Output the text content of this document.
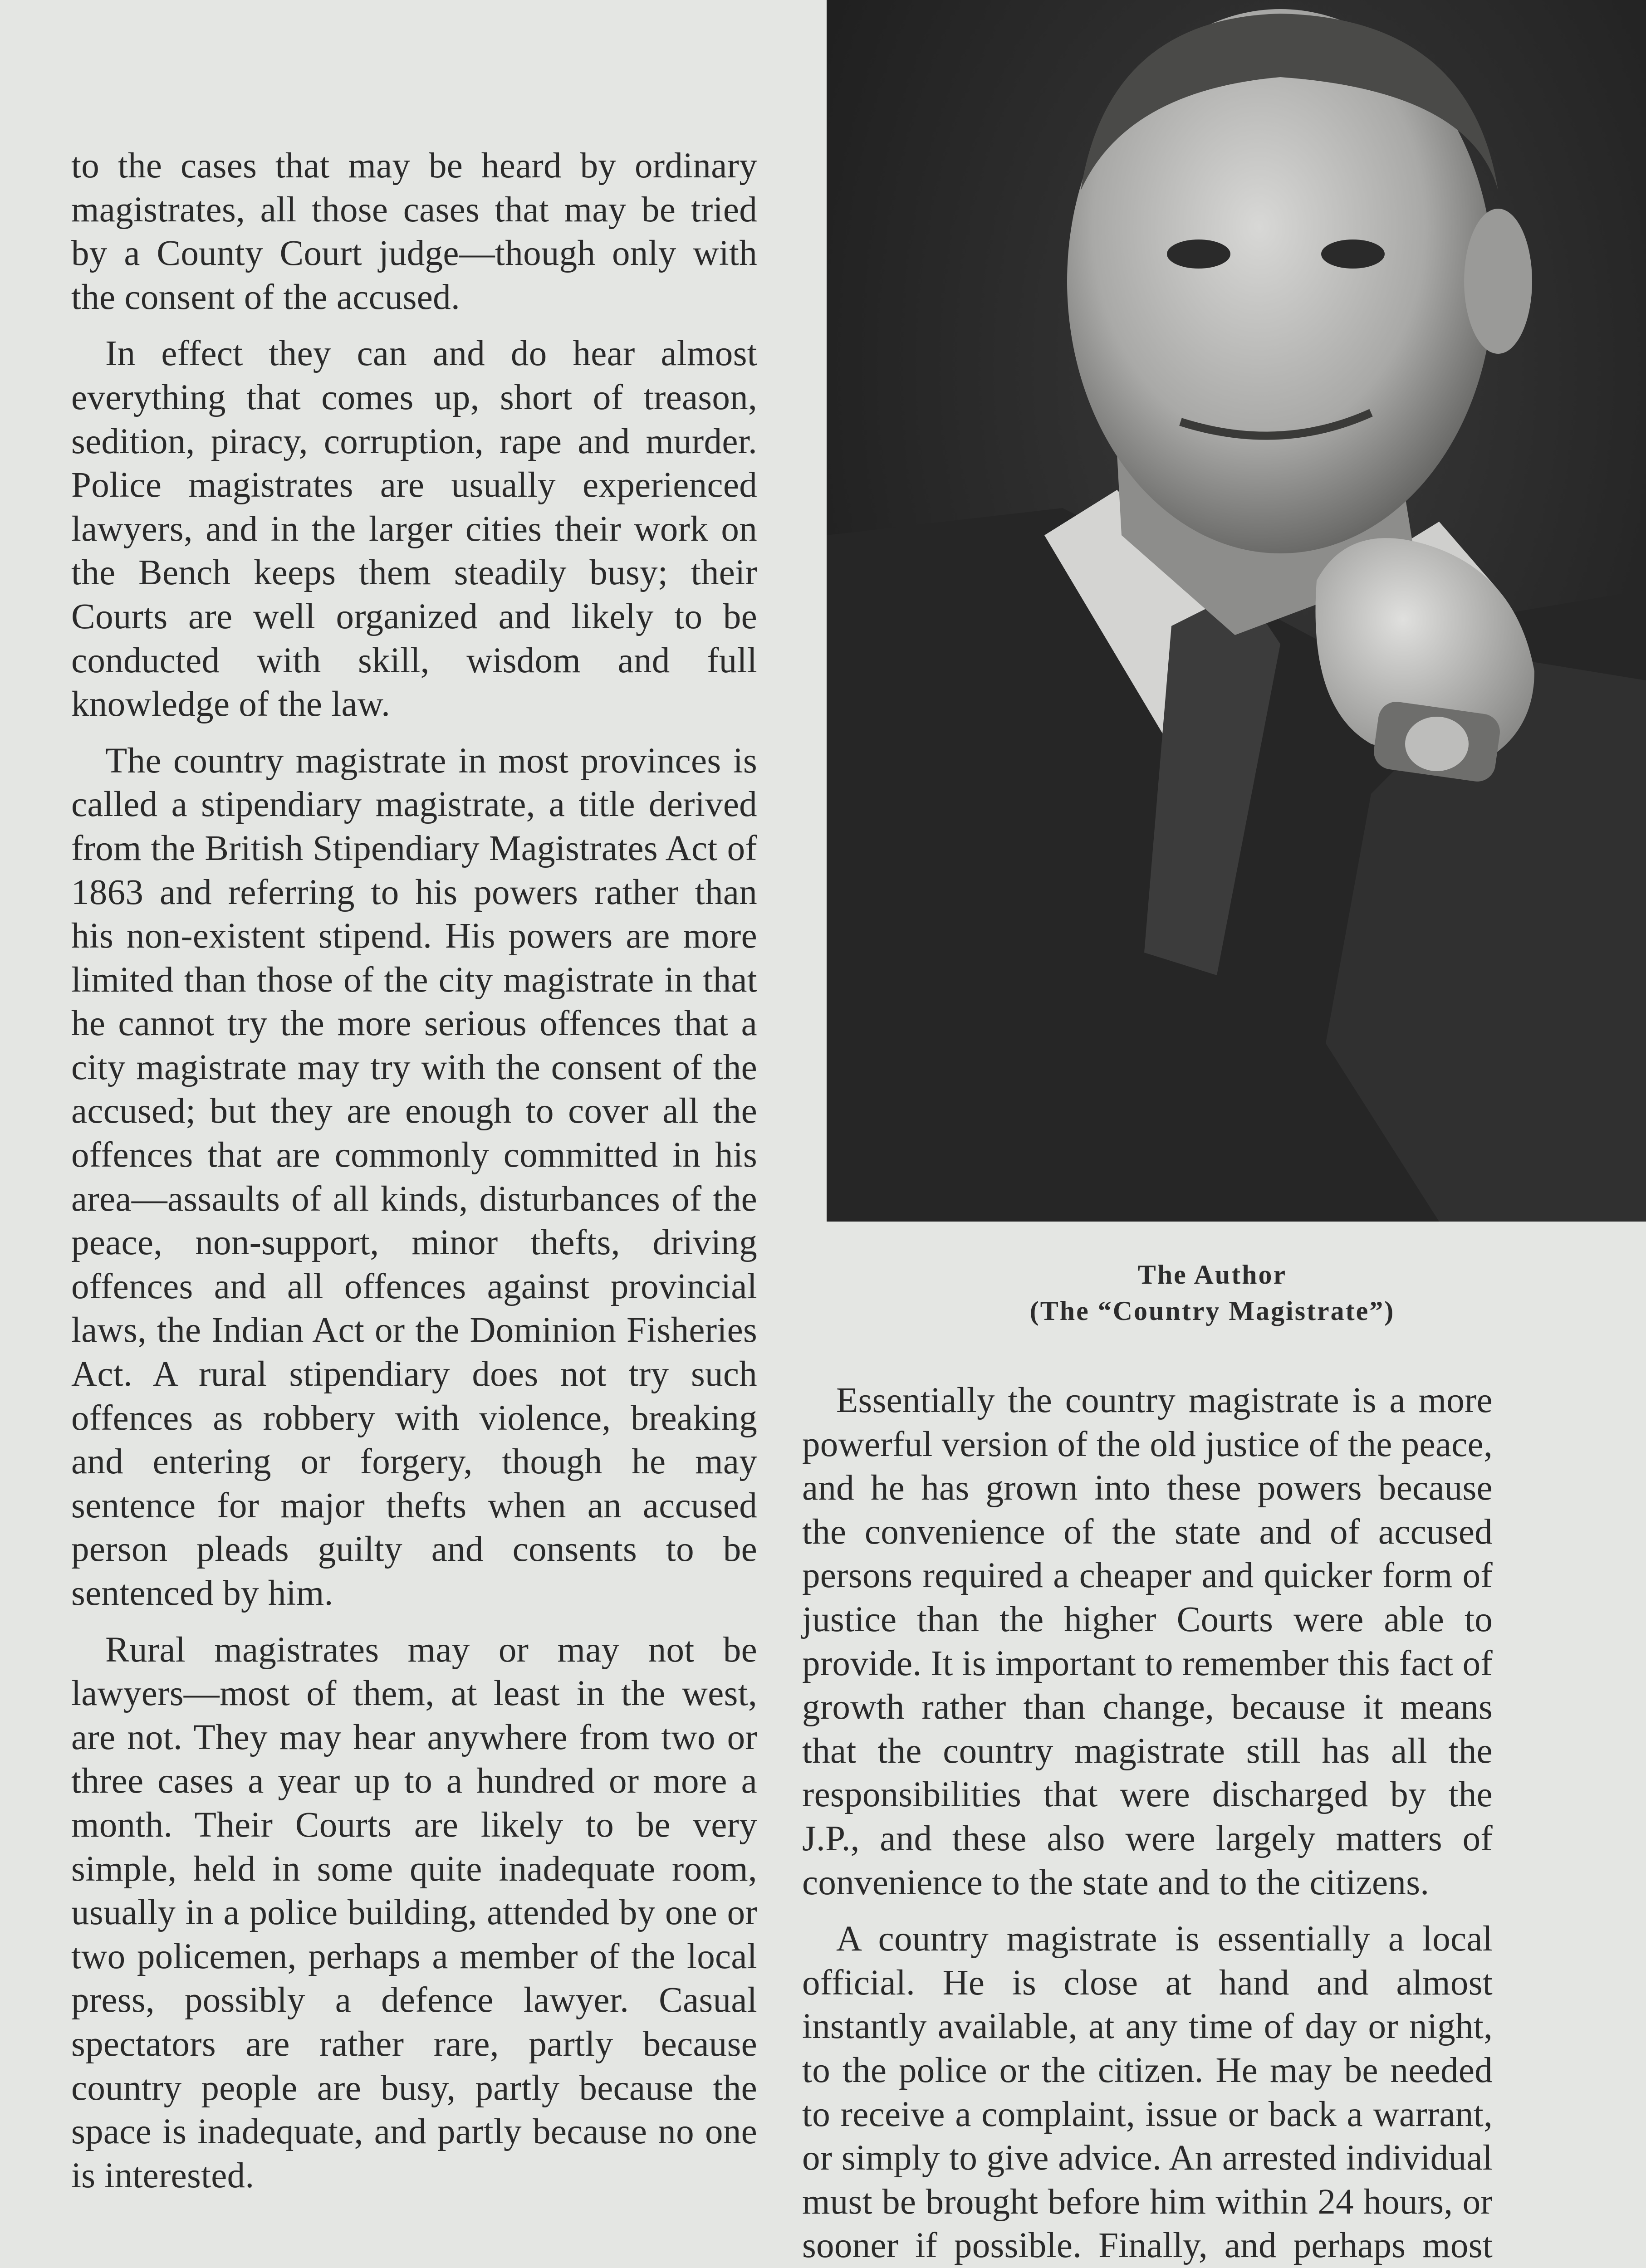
to the cases that may be heard by ordinary magistrates, all those cases that may be tried by a County Court judge—though only with the consent of the accused.

In effect they can and do hear almost everything that comes up, short of treason, sedition, piracy, corruption, rape and murder. Police magistrates are usually experienced lawyers, and in the larger cities their work on the Bench keeps them steadily busy; their Courts are well organized and likely to be conducted with skill, wisdom and full knowledge of the law.

The country magistrate in most provinces is called a stipendiary magistrate, a title derived from the British Stipendiary Magistrates Act of 1863 and referring to his powers rather than his non-existent stipend. His powers are more limited than those of the city magistrate in that he cannot try the more serious offences that a city magistrate may try with the consent of the accused; but they are enough to cover all the offences that are commonly committed in his area—assaults of all kinds, disturbances of the peace, non-support, minor thefts, driving offences and all offences against provincial laws, the Indian Act or the Dominion Fisheries Act. A rural stipendiary does not try such offences as robbery with violence, breaking and entering or forgery, though he may sentence for major thefts when an accused person pleads guilty and consents to be sentenced by him.

Rural magistrates may or may not be lawyers—most of them, at least in the west, are not. They may hear anywhere from two or three cases a year up to a hundred or more a month. Their Courts are likely to be very simple, held in some quite inadequate room, usually in a police building, attended by one or two policemen, perhaps a member of the local press, possibly a defence lawyer. Casual spectators are rather rare, partly because country people are busy, partly because the space is inadequate, and partly because no one is interested.

The Author
(The “Country Magistrate”)

Essentially the country magistrate is a more powerful version of the old justice of the peace, and he has grown into these powers because the convenience of the state and of accused persons required a cheaper and quicker form of justice than the higher Courts were able to provide. It is important to remember this fact of growth rather than change, because it means that the country magistrate still has all the responsibilities that were discharged by the J.P., and these also were largely matters of convenience to the state and to the citizens.

A country magistrate is essentially a local official. He is close at hand and almost instantly available, at any time of day or night, to the police or the citizen. He may be needed to receive a complaint, issue or back a warrant, or simply to give advice. An arrested individual must be brought before him within 24 hours, or sooner if possible. Finally, and perhaps most
